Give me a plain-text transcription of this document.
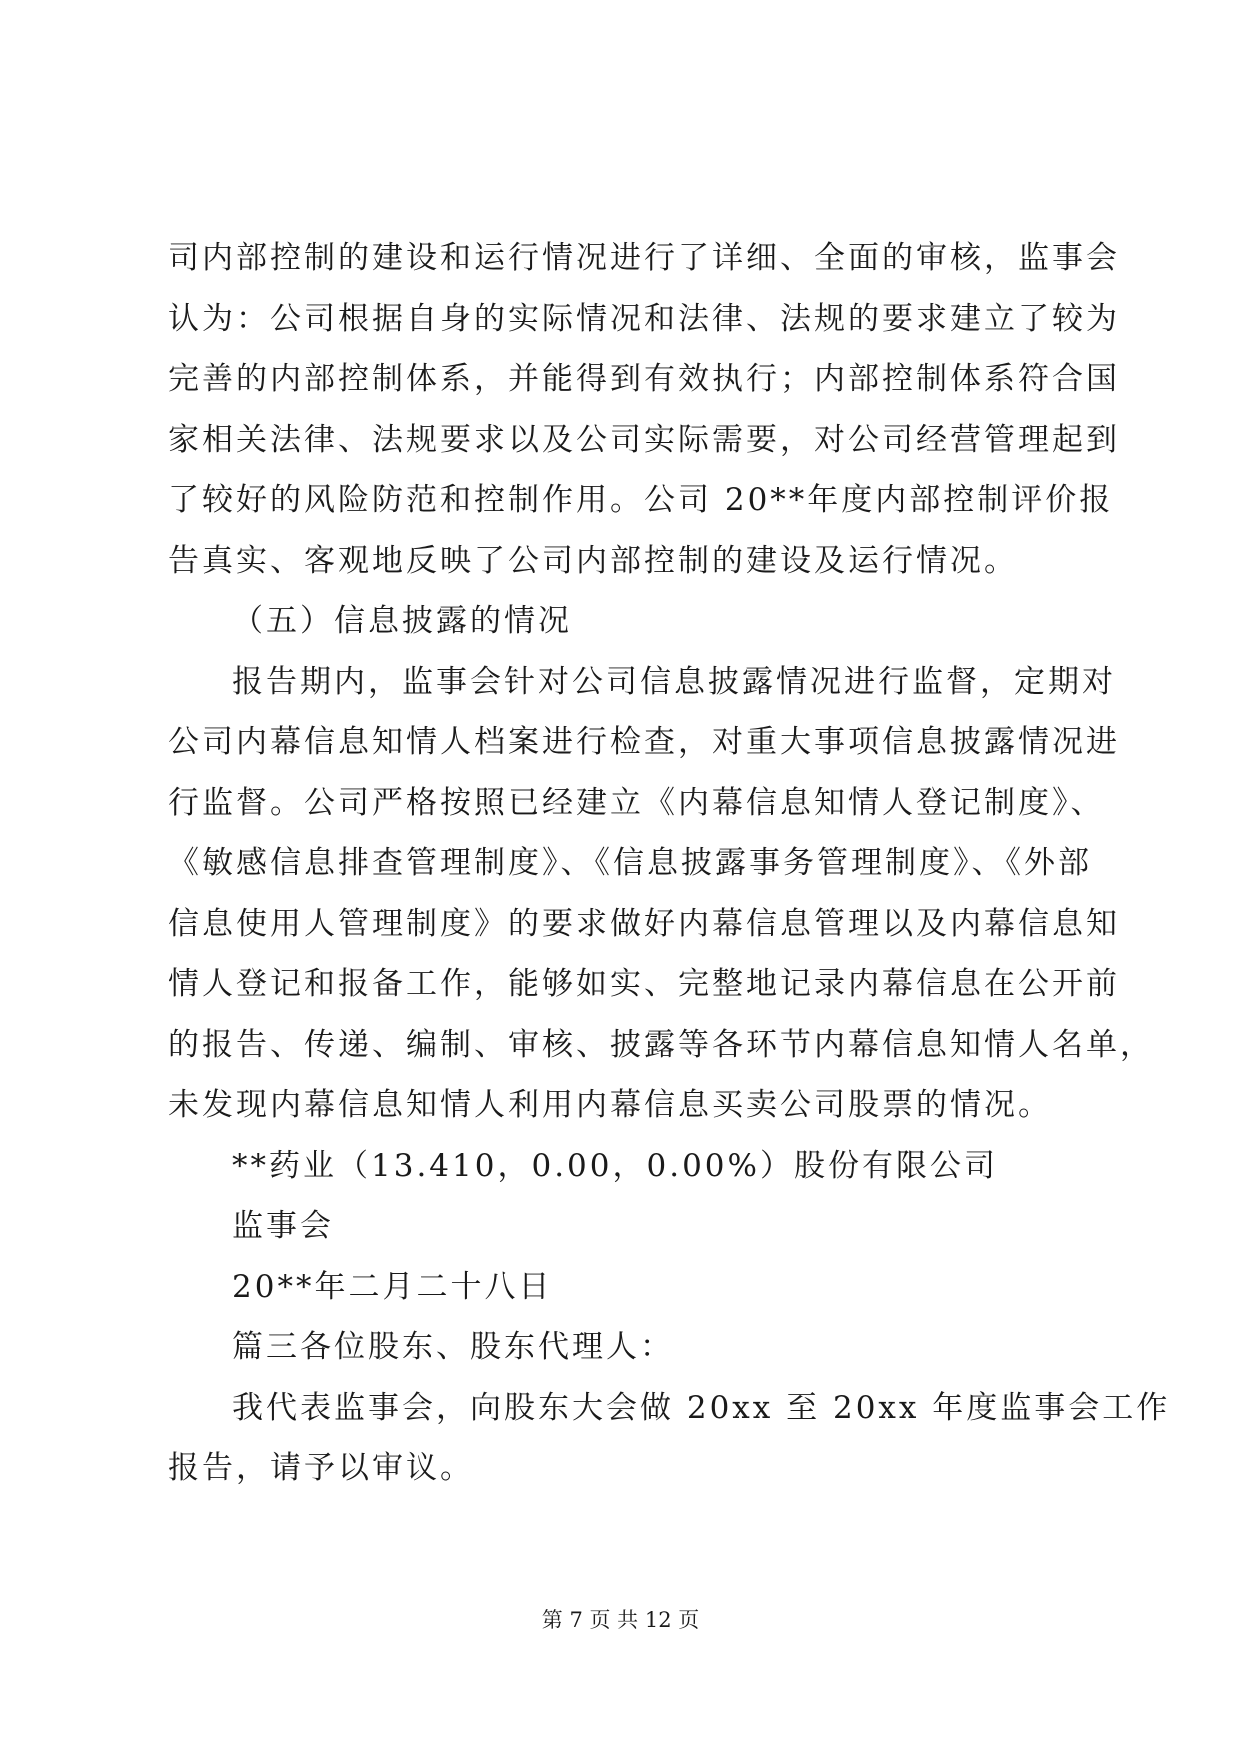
司内部控制的建设和运行情况进行了详细、全面的审核，监事会
认为：公司根据自身的实际情况和法律、法规的要求建立了较为
完善的内部控制体系，并能得到有效执行；内部控制体系符合国
家相关法律、法规要求以及公司实际需要，对公司经营管理起到
了较好的风险防范和控制作用。公司 20**年度内部控制评价报
告真实、客观地反映了公司内部控制的建设及运行情况。
（五）信息披露的情况
报告期内，监事会针对公司信息披露情况进行监督，定期对
公司内幕信息知情人档案进行检查，对重大事项信息披露情况进
行监督。公司严格按照已经建立《内幕信息知情人登记制度》、
《敏感信息排查管理制度》、《信息披露事务管理制度》、《外部
信息使用人管理制度》的要求做好内幕信息管理以及内幕信息知
情人登记和报备工作，能够如实、完整地记录内幕信息在公开前
的报告、传递、编制、审核、披露等各环节内幕信息知情人名单，
未发现内幕信息知情人利用内幕信息买卖公司股票的情况。
**药业（13.410，0.00，0.00%）股份有限公司
监事会
20**年二月二十八日
篇三各位股东、股东代理人：
我代表监事会，向股东大会做 20xx 至 20xx 年度监事会工作
报告，请予以审议。
第 7 页 共 12 页
